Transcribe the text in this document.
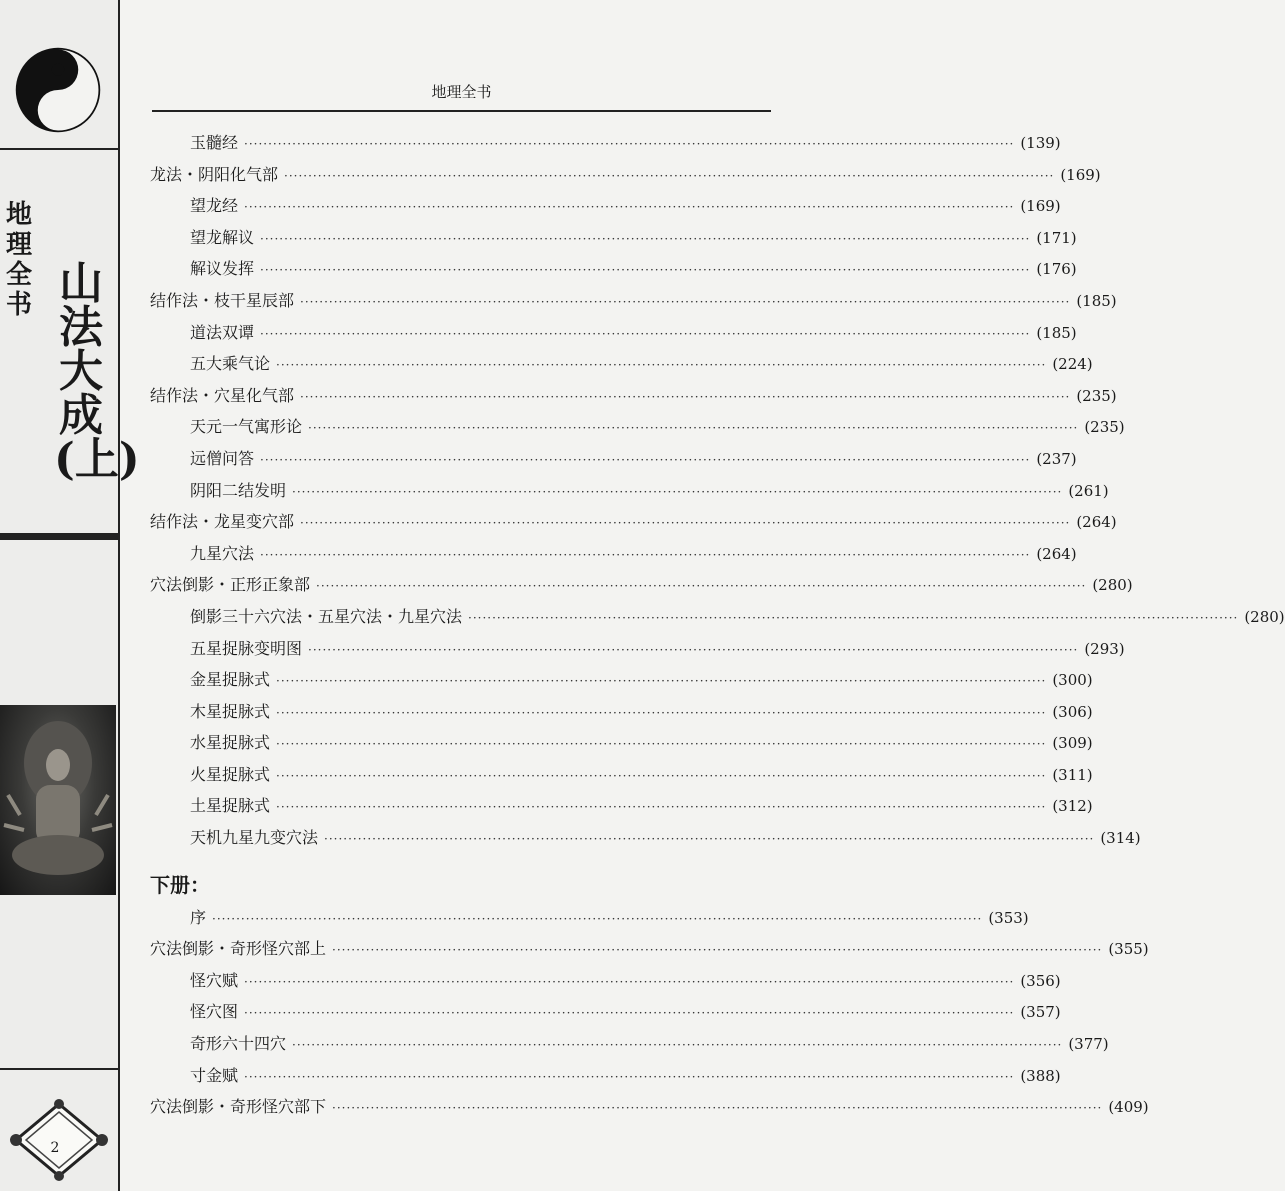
地理全书 山法大成(上)
2
地理全书
玉髓经 ································································································································································ (139)
龙法・阴阳化气部 ································································································································································ (169)
望龙经 ································································································································································ (169)
望龙解议 ································································································································································ (171)
解议发挥 ································································································································································ (176)
结作法・枝干星辰部 ································································································································································ (185)
道法双谭 ································································································································································ (185)
五大乘气论 ································································································································································ (224)
结作法・穴星化气部 ································································································································································ (235)
天元一气寓形论 ································································································································································ (235)
远僧问答 ································································································································································ (237)
阴阳二结发明 ································································································································································ (261)
结作法・龙星变穴部 ································································································································································ (264)
九星穴法 ································································································································································ (264)
穴法倒影・正形正象部 ································································································································································ (280)
倒影三十六穴法・五星穴法・九星穴法 ································································································································································ (280)
五星捉脉变明图 ································································································································································ (293)
金星捉脉式 ································································································································································ (300)
木星捉脉式 ································································································································································ (306)
水星捉脉式 ································································································································································ (309)
火星捉脉式 ································································································································································ (311)
土星捉脉式 ································································································································································ (312)
天机九星九变穴法 ································································································································································ (314)
下册：
序 ································································································································································ (353)
穴法倒影・奇形怪穴部上 ································································································································································ (355)
怪穴赋 ································································································································································ (356)
怪穴图 ································································································································································ (357)
奇形六十四穴 ································································································································································ (377)
寸金赋 ································································································································································ (388)
穴法倒影・奇形怪穴部下 ································································································································································ (409)
